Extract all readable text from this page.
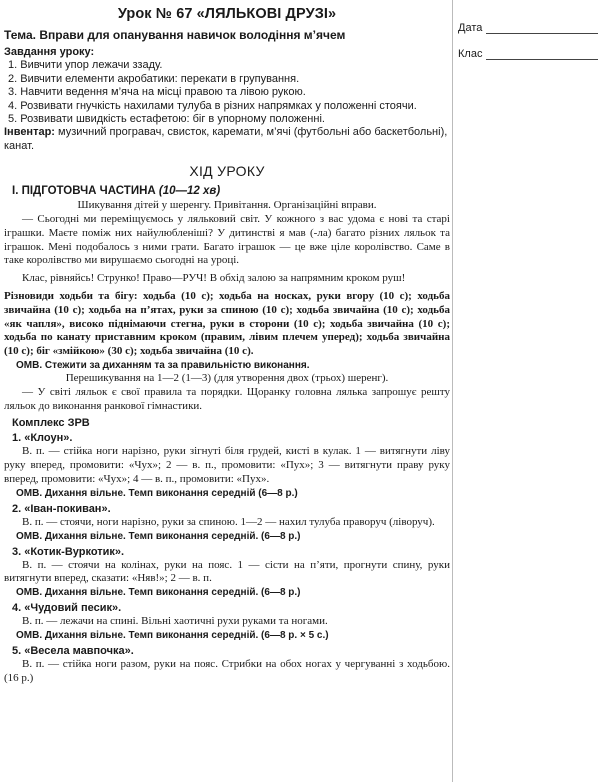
Дата
Клас
Урок № 67 «ЛЯЛЬКОВІ ДРУЗІ»
Тема. Вправи для опанування навичок володіння м’ячем
Завдання уроку:
1. Вивчити упор лежачи ззаду.
2. Вивчити елементи акробатики: перекати в групування.
3. Навчити ведення м’яча на місці правою та лівою рукою.
4. Розвивати гнучкість нахилами тулуба в різних напрямках у положенні стоячи.
5. Розвивати швидкість естафетою: біг в упорному положенні.
Інвентар: музичний програвач, свисток, каремати, м’ячі (футбольні або баскетбольні), канат.
ХІД УРОКУ
I. ПІДГОТОВЧА ЧАСТИНА (10—12 хв)
Шикування дітей у шеренгу. Привітання. Організаційні вправи.
— Сьогодні ми переміщуємось у ляльковий світ. У кожного з вас удома є нові та старі іграшки. Маєте поміж них найулюбленіші? У дитинстві я мав (-ла) багато різних ляльок та іграшок. Мені подобалось з ними грати. Багато іграшок — це вже ціле королівство. Саме в таке королівство ми вирушаємо сьогодні на уроці.
Клас, рівняйсь! Струнко! Право—РУЧ! В обхід залою за напрямним кроком руш!
Різновиди ходьби та бігу: ходьба (10 с); ходьба на носках, руки вгору (10 с); ходьба звичайна (10 с); ходьба на п’ятах, руки за спиною (10 с); ходьба звичайна (10 с); ходьба «як чапля», високо піднімаючи стегна, руки в сторони (10 с); ходьба звичайна (10 с); ходьба по канату приставним кроком (правим, лівим плечем уперед); ходьба звичайна (10 с); біг «змійкою» (30 с); ходьба звичайна (10 с).
ОМВ. Стежити за диханням та за правильністю виконання.
Перешикування на 1—2 (1—3) (для утворення двох (трьох) шеренг).
— У світі ляльок є свої правила та порядки. Щоранку головна лялька запрошує решту ляльок до виконання ранкової гімнастики.
Комплекс ЗРВ
1. «Клоун».
В. п. — стійка ноги нарізно, руки зігнуті біля грудей, кисті в кулак. 1 — витягнути ліву руку вперед, промовити: «Чух»; 2 — в. п., промовити: «Пух»; 3 — витягнути праву руку вперед, промовити: «Чух»; 4 — в. п., промовити: «Пух».
ОМВ. Дихання вільне. Темп виконання середній (6—8 р.)
2. «Іван-покиван».
В. п. — стоячи, ноги нарізно, руки за спиною. 1—2 — нахил тулуба праворуч (ліворуч).
ОМВ. Дихання вільне. Темп виконання середній. (6—8 р.)
3. «Котик-Вуркотик».
В. п. — стоячи на колінах, руки на пояс. 1 — сісти на п’яти, прогнути спину, руки витягнути вперед, сказати: «Няв!»; 2 — в. п.
ОМВ. Дихання вільне. Темп виконання середній. (6—8 р.)
4. «Чудовий песик».
В. п. — лежачи на спині. Вільні хаотичні рухи руками та ногами.
ОМВ. Дихання вільне. Темп виконання середній. (6—8 р. × 5 с.)
5. «Весела мавпочка».
В. п. — стійка ноги разом, руки на пояс. Стрибки на обох ногах у чергуванні з ходьбою. (16 р.)
